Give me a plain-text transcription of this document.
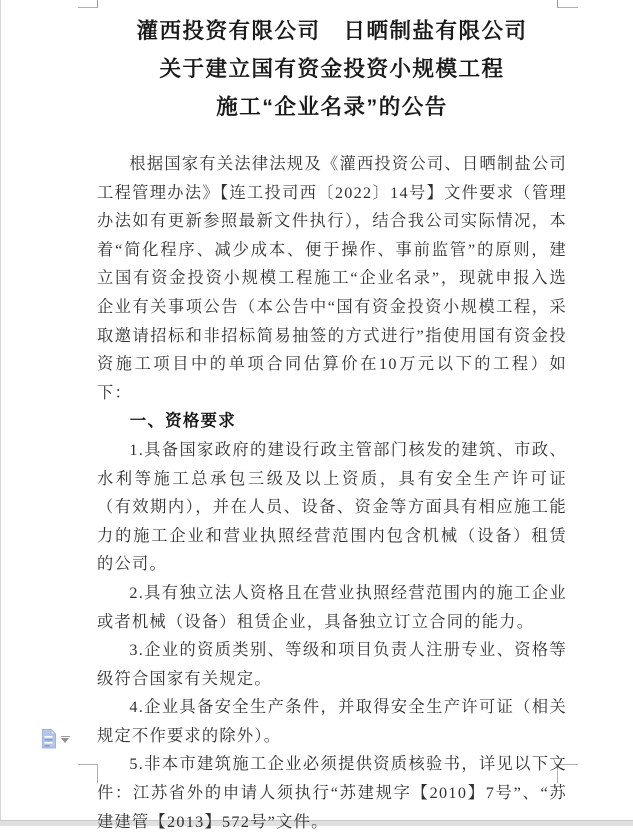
灌西投资有限公司　日晒制盐有限公司
关于建立国有资金投资小规模工程
施工“企业名录”的公告
根据国家有关法律法规及《灌西投资公司、日晒制盐公司工程管理办法》【连工投司西〔2022〕14号】文件要求（管理办法如有更新参照最新文件执行），结合我公司实际情况，本着“简化程序、减少成本、便于操作、事前监管”的原则，建立国有资金投资小规模工程施工“企业名录”，现就申报入选企业有关事项公告（本公告中“国有资金投资小规模工程，采取邀请招标和非招标简易抽签的方式进行”指使用国有资金投资施工项目中的单项合同估算价在10万元以下的工程）如下：
一、资格要求
1.具备国家政府的建设行政主管部门核发的建筑、市政、水利等施工总承包三级及以上资质，具有安全生产许可证（有效期内），并在人员、设备、资金等方面具有相应施工能力的施工企业和营业执照经营范围内包含机械（设备）租赁的公司。
2.具有独立法人资格且在营业执照经营范围内的施工企业或者机械（设备）租赁企业，具备独立订立合同的能力。
3.企业的资质类别、等级和项目负责人注册专业、资格等级符合国家有关规定。
4.企业具备安全生产条件，并取得安全生产许可证（相关规定不作要求的除外）。
5.非本市建筑施工企业必须提供资质核验书，详见以下文件：江苏省外的申请人须执行“苏建规字【2010】7号”、“苏建建管【2013】572号”文件。
